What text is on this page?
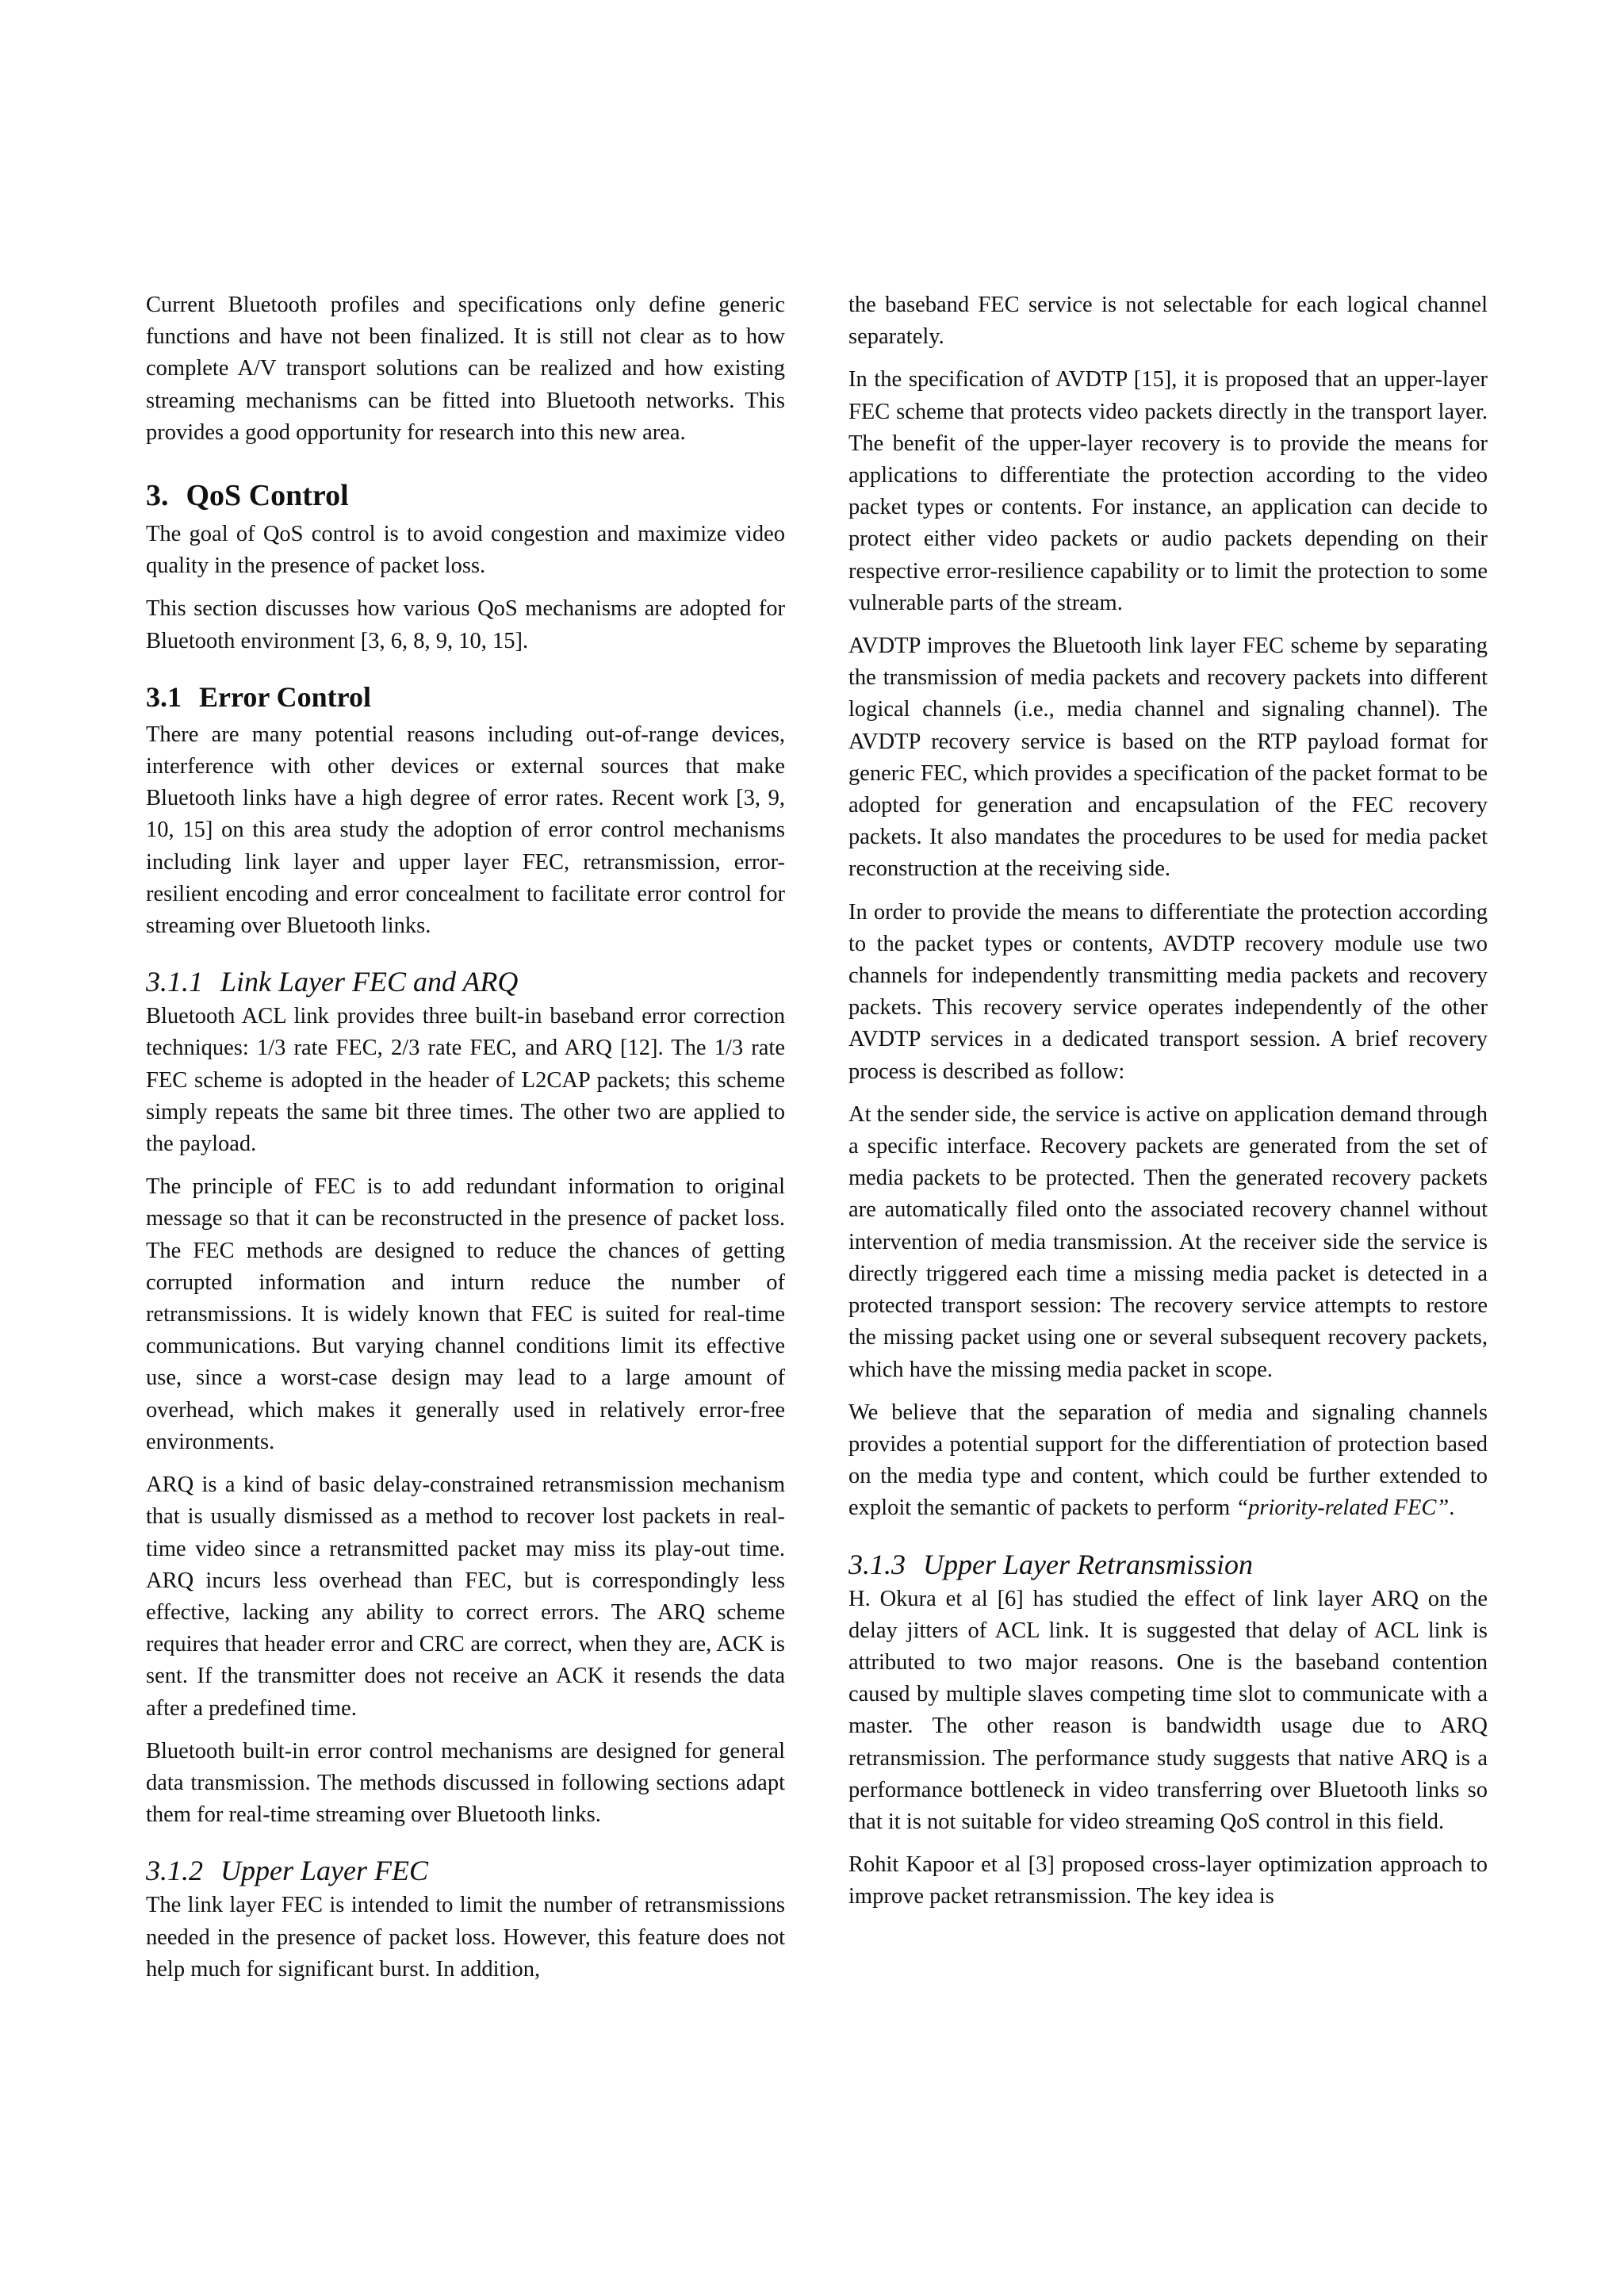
Current Bluetooth profiles and specifications only define generic functions and have not been finalized. It is still not clear as to how complete A/V transport solutions can be realized and how existing streaming mechanisms can be fitted into Bluetooth networks. This provides a good opportunity for research into this new area.

3. QoS Control

The goal of QoS control is to avoid congestion and maximize video quality in the presence of packet loss.

This section discusses how various QoS mechanisms are adopted for Bluetooth environment [3, 6, 8, 9, 10, 15].

3.1 Error Control

There are many potential reasons including out-of-range devices, interference with other devices or external sources that make Bluetooth links have a high degree of error rates. Recent work [3, 9, 10, 15] on this area study the adoption of error control mechanisms including link layer and upper layer FEC, retransmission, error-resilient encoding and error concealment to facilitate error control for streaming over Bluetooth links.

3.1.1 Link Layer FEC and ARQ

Bluetooth ACL link provides three built-in baseband error correction techniques: 1/3 rate FEC, 2/3 rate FEC, and ARQ [12]. The 1/3 rate FEC scheme is adopted in the header of L2CAP packets; this scheme simply repeats the same bit three times. The other two are applied to the payload.

The principle of FEC is to add redundant information to original message so that it can be reconstructed in the presence of packet loss. The FEC methods are designed to reduce the chances of getting corrupted information and inturn reduce the number of retransmissions. It is widely known that FEC is suited for real-time communications. But varying channel conditions limit its effective use, since a worst-case design may lead to a large amount of overhead, which makes it generally used in relatively error-free environments.

ARQ is a kind of basic delay-constrained retransmission mechanism that is usually dismissed as a method to recover lost packets in real-time video since a retransmitted packet may miss its play-out time. ARQ incurs less overhead than FEC, but is correspondingly less effective, lacking any ability to correct errors. The ARQ scheme requires that header error and CRC are correct, when they are, ACK is sent. If the transmitter does not receive an ACK it resends the data after a predefined time.

Bluetooth built-in error control mechanisms are designed for general data transmission. The methods discussed in following sections adapt them for real-time streaming over Bluetooth links.

3.1.2 Upper Layer FEC

The link layer FEC is intended to limit the number of retransmissions needed in the presence of packet loss. However, this feature does not help much for significant burst. In addition,

the baseband FEC service is not selectable for each logical channel separately.

In the specification of AVDTP [15], it is proposed that an upper-layer FEC scheme that protects video packets directly in the transport layer. The benefit of the upper-layer recovery is to provide the means for applications to differentiate the protection according to the video packet types or contents. For instance, an application can decide to protect either video packets or audio packets depending on their respective error-resilience capability or to limit the protection to some vulnerable parts of the stream.

AVDTP improves the Bluetooth link layer FEC scheme by separating the transmission of media packets and recovery packets into different logical channels (i.e., media channel and signaling channel). The AVDTP recovery service is based on the RTP payload format for generic FEC, which provides a specification of the packet format to be adopted for generation and encapsulation of the FEC recovery packets. It also mandates the procedures to be used for media packet reconstruction at the receiving side.

In order to provide the means to differentiate the protection according to the packet types or contents, AVDTP recovery module use two channels for independently transmitting media packets and recovery packets. This recovery service operates independently of the other AVDTP services in a dedicated transport session. A brief recovery process is described as follow:

At the sender side, the service is active on application demand through a specific interface. Recovery packets are generated from the set of media packets to be protected. Then the generated recovery packets are automatically filed onto the associated recovery channel without intervention of media transmission. At the receiver side the service is directly triggered each time a missing media packet is detected in a protected transport session: The recovery service attempts to restore the missing packet using one or several subsequent recovery packets, which have the missing media packet in scope.

We believe that the separation of media and signaling channels provides a potential support for the differentiation of protection based on the media type and content, which could be further extended to exploit the semantic of packets to perform “priority-related FEC”.

3.1.3 Upper Layer Retransmission

H. Okura et al [6] has studied the effect of link layer ARQ on the delay jitters of ACL link. It is suggested that delay of ACL link is attributed to two major reasons. One is the baseband contention caused by multiple slaves competing time slot to communicate with a master. The other reason is bandwidth usage due to ARQ retransmission. The performance study suggests that native ARQ is a performance bottleneck in video transferring over Bluetooth links so that it is not suitable for video streaming QoS control in this field.

Rohit Kapoor et al [3] proposed cross-layer optimization approach to improve packet retransmission. The key idea is
